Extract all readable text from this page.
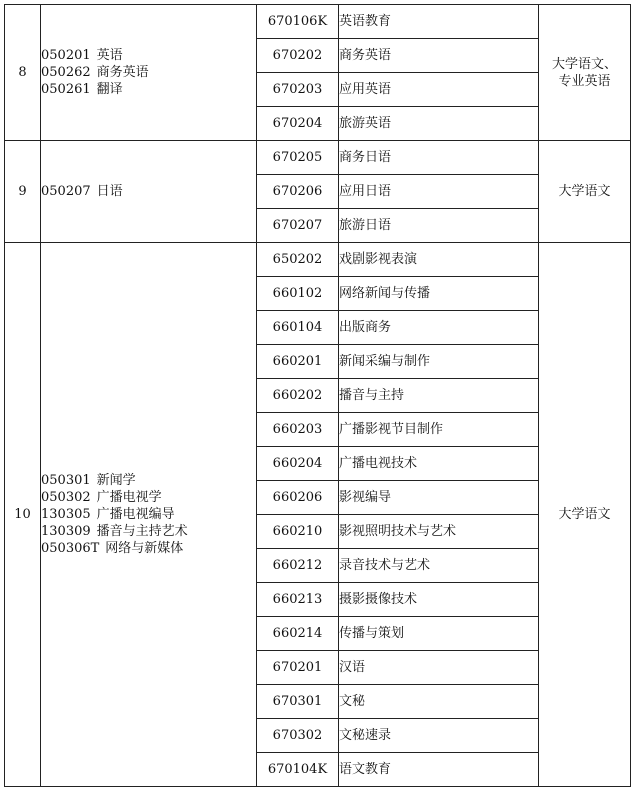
8	050201 英语
050262 商务英语
050261 翻译	670106K	英语教育	大学语文、
专业英语

		670202	商务英语	
		670203	应用英语	
		670204	旅游英语	
9	050207 日语	670205	商务日语	大学语文

		670206	应用日语	
		670207	旅游日语	
10	050301 新闻学
050302 广播电视学
130305 广播电视编导
130309 播音与主持艺术
050306T 网络与新媒体	650202	戏剧影视表演	大学语文

		660102	网络新闻与传播	
		660104	出版商务	
		660201	新闻采编与制作	
		660202	播音与主持	
		660203	广播影视节目制作	
		660204	广播电视技术	
		660206	影视编导	
		660210	影视照明技术与艺术	
		660212	录音技术与艺术	
		660213	摄影摄像技术	
		660214	传播与策划	
		670201	汉语	
		670301	文秘	
		670302	文秘速录	
		670104K	语文教育	
